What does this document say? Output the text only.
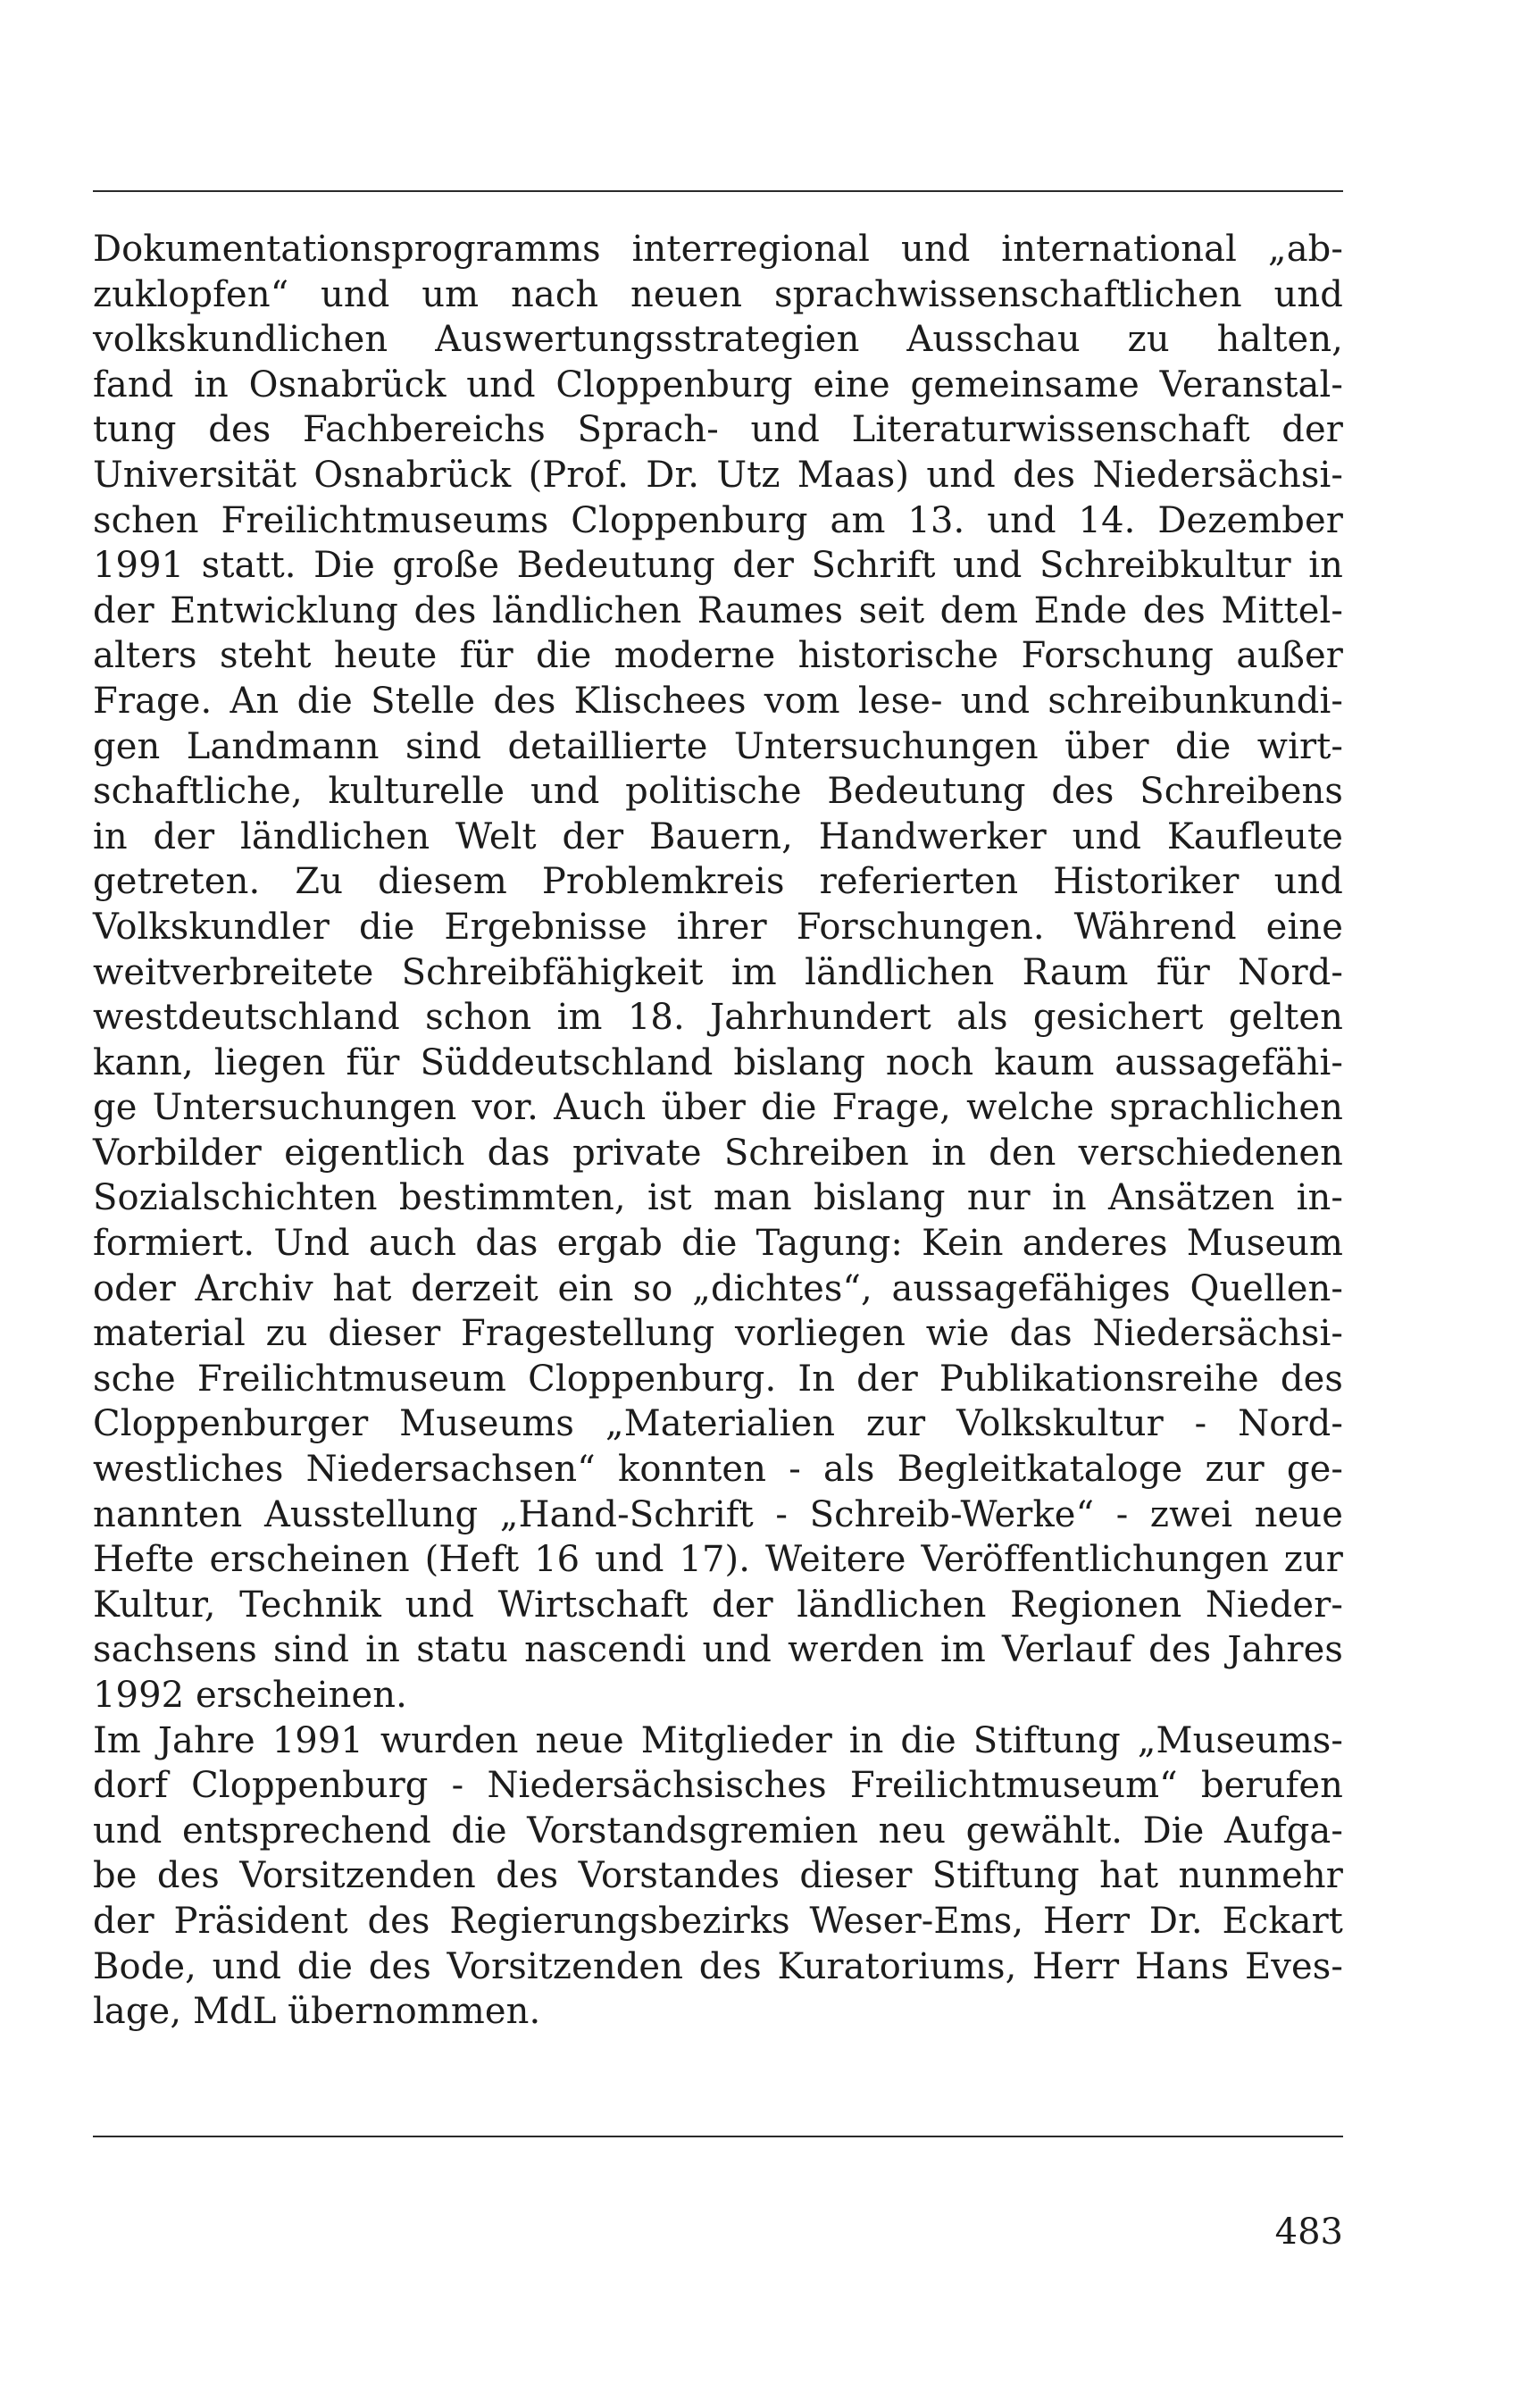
Dokumentationsprogramms interregional und international „ab-
zuklopfen“ und um nach neuen sprachwissenschaftlichen und
volkskundlichen Auswertungsstrategien Ausschau zu halten,
fand in Osnabrück und Cloppenburg eine gemeinsame Veranstal-
tung des Fachbereichs Sprach- und Literaturwissenschaft der
Universität Osnabrück (Prof. Dr. Utz Maas) und des Niedersächsi-
schen Freilichtmuseums Cloppenburg am 13. und 14. Dezember
1991 statt. Die große Bedeutung der Schrift und Schreibkultur in
der Entwicklung des ländlichen Raumes seit dem Ende des Mittel-
alters steht heute für die moderne historische Forschung außer
Frage. An die Stelle des Klischees vom lese- und schreibunkundi-
gen Landmann sind detaillierte Untersuchungen über die wirt-
schaftliche, kulturelle und politische Bedeutung des Schreibens
in der ländlichen Welt der Bauern, Handwerker und Kaufleute
getreten. Zu diesem Problemkreis referierten Historiker und
Volkskundler die Ergebnisse ihrer Forschungen. Während eine
weitverbreitete Schreibfähigkeit im ländlichen Raum für Nord-
westdeutschland schon im 18. Jahrhundert als gesichert gelten
kann, liegen für Süddeutschland bislang noch kaum aussagefähi-
ge Untersuchungen vor. Auch über die Frage, welche sprachlichen
Vorbilder eigentlich das private Schreiben in den verschiedenen
Sozialschichten bestimmten, ist man bislang nur in Ansätzen in-
formiert. Und auch das ergab die Tagung: Kein anderes Museum
oder Archiv hat derzeit ein so „dichtes“, aussagefähiges Quellen-
material zu dieser Fragestellung vorliegen wie das Niedersächsi-
sche Freilichtmuseum Cloppenburg. In der Publikationsreihe des
Cloppenburger Museums „Materialien zur Volkskultur - Nord-
westliches Niedersachsen“ konnten - als Begleitkataloge zur ge-
nannten Ausstellung „Hand-Schrift - Schreib-Werke“ - zwei neue
Hefte erscheinen (Heft 16 und 17). Weitere Veröffentlichungen zur
Kultur, Technik und Wirtschaft der ländlichen Regionen Nieder-
sachsens sind in statu nascendi und werden im Verlauf des Jahres
1992 erscheinen.
Im Jahre 1991 wurden neue Mitglieder in die Stiftung „Museums-
dorf Cloppenburg - Niedersächsisches Freilichtmuseum“ berufen
und entsprechend die Vorstandsgremien neu gewählt. Die Aufga-
be des Vorsitzenden des Vorstandes dieser Stiftung hat nunmehr
der Präsident des Regierungsbezirks Weser-Ems, Herr Dr. Eckart
Bode, und die des Vorsitzenden des Kuratoriums, Herr Hans Eves-
lage, MdL übernommen.
483
